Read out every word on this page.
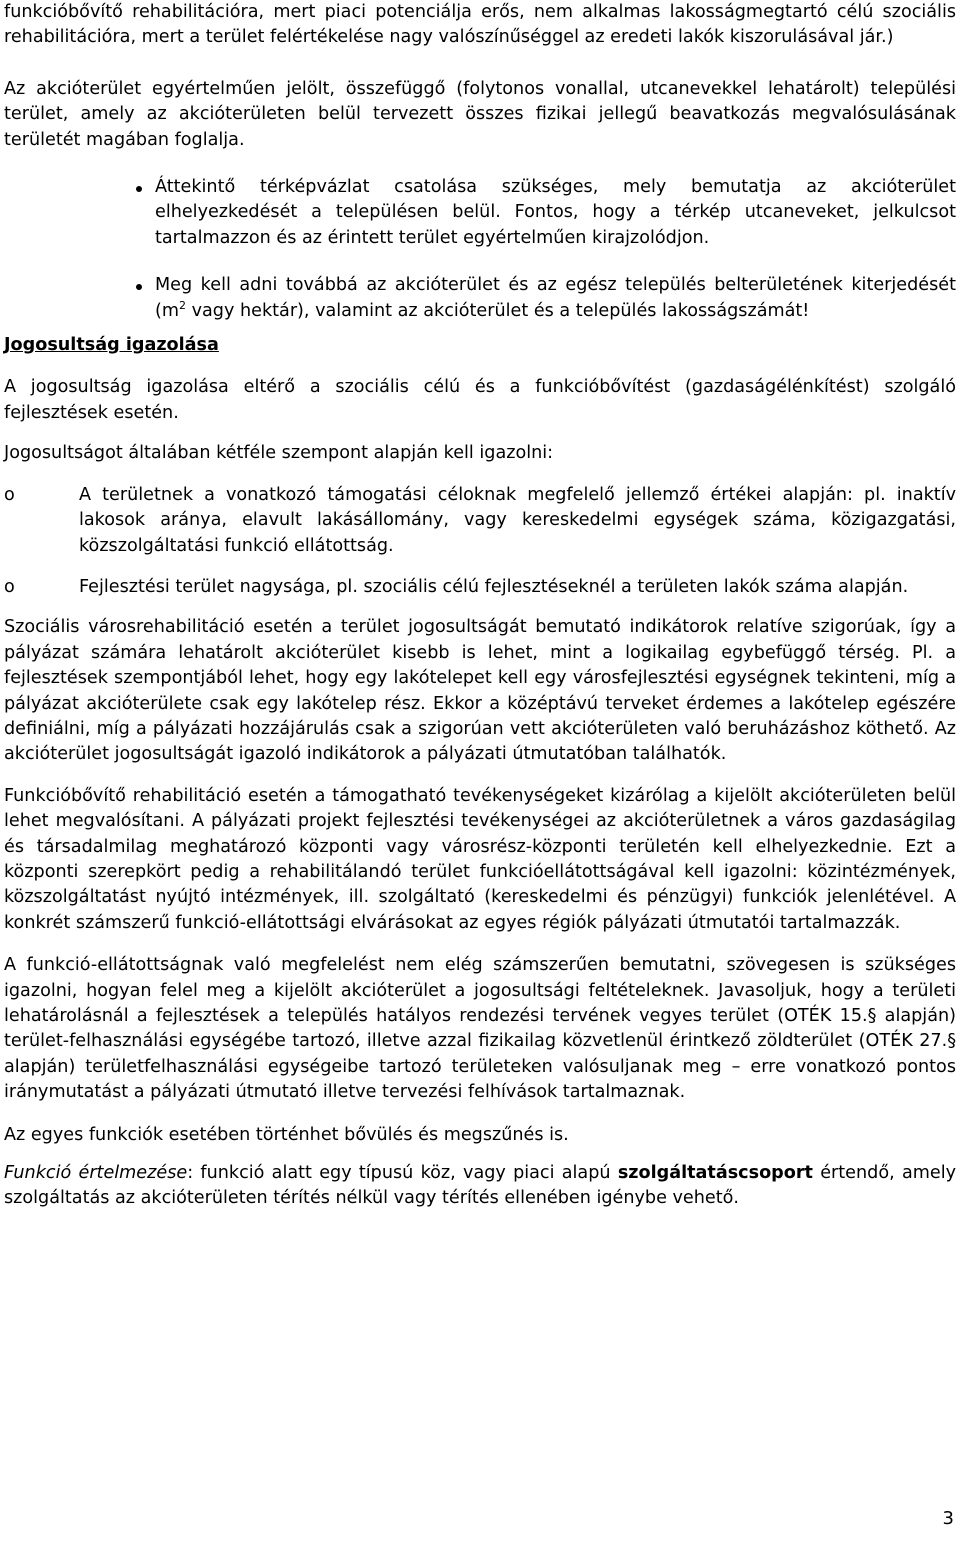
funkcióbővítő rehabilitációra, mert piaci potenciálja erős, nem alkalmas lakosságmegtartó célú szociális rehabilitációra, mert a terület felértékelése nagy valószínűséggel az eredeti lakók kiszorulásával jár.)

Az akcióterület egyértelműen jelölt, összefüggő (folytonos vonallal, utcanevekkel lehatárolt) települési terület, amely az akcióterületen belül tervezett összes fizikai jellegű beavatkozás megvalósulásának területét magában foglalja.

Áttekintő térképvázlat csatolása szükséges, mely bemutatja az akcióterület elhelyezkedését a településen belül. Fontos, hogy a térkép utcaneveket, jelkulcsot tartalmazzon és az érintett terület egyértelműen kirajzolódjon.
Meg kell adni továbbá az akcióterület és az egész település belterületének kiterjedését ($m^2$ vagy hektár), valamint az akcióterület és a település lakosságszámát!

Jogosultság igazolása

A jogosultság igazolása eltérő a szociális célú és a funkcióbővítést (gazdaságélénkítést) szolgáló fejlesztések esetén.

Jogosultságot általában kétféle szempont alapján kell igazolni:

o	A területnek a vonatkozó támogatási céloknak megfelelő jellemző értékei alapján: pl. inaktív lakosok aránya, elavult lakásállomány, vagy kereskedelmi egységek száma, közigazgatási, közszolgáltatási funkció ellátottság.
o	Fejlesztési terület nagysága, pl. szociális célú fejlesztéseknél a területen lakók száma alapján.

Szociális városrehabilitáció esetén a terület jogosultságát bemutató indikátorok relatíve szigorúak, így a pályázat számára lehatárolt akcióterület kisebb is lehet, mint a logikailag egybefüggő térség. Pl. a fejlesztések szempontjából lehet, hogy egy lakótelepet kell egy városfejlesztési egységnek tekinteni, míg a pályázat akcióterülete csak egy lakótelep rész. Ekkor a középtávú terveket érdemes a lakótelep egészére definiálni, míg a pályázati hozzájárulás csak a szigorúan vett akcióterületen való beruházáshoz köthető. Az akcióterület jogosultságát igazoló indikátorok a pályázati útmutatóban találhatók.

Funkcióbővítő rehabilitáció esetén a támogatható tevékenységeket kizárólag a kijelölt akcióterületen belül lehet megvalósítani. A pályázati projekt fejlesztési tevékenységei az akcióterületnek a város gazdaságilag és társadalmilag meghatározó központi vagy városrész-központi területén kell elhelyezkednie. Ezt a központi szerepkört pedig a rehabilitálandó terület funkcióellátottságával kell igazolni: közintézmények, közszolgáltatást nyújtó intézmények, ill. szolgáltató (kereskedelmi és pénzügyi) funkciók jelenlétével. A konkrét számszerű funkció-ellátottsági elvárásokat az egyes régiók pályázati útmutatói tartalmazzák.

A funkció-ellátottságnak való megfelelést nem elég számszerűen bemutatni, szövegesen is szükséges igazolni, hogyan felel meg a kijelölt akcióterület a jogosultsági feltételeknek. Javasoljuk, hogy a területi lehatárolásnál a fejlesztések a település hatályos rendezési tervének vegyes terület (OTÉK 15.§ alapján) terület-felhasználási egységébe tartozó, illetve azzal fizikailag közvetlenül érintkező zöldterület (OTÉK 27.§ alapján) területfelhasználási egységeibe tartozó területeken valósuljanak meg – erre vonatkozó pontos iránymutatást a pályázati útmutató illetve tervezési felhívások tartalmaznak.

Az egyes funkciók esetében történhet bővülés és megszűnés is.

Funkció értelmezése: funkció alatt egy típusú köz, vagy piaci alapú szolgáltatáscsoport értendő, amely szolgáltatás az akcióterületen térítés nélkül vagy térítés ellenében igénybe vehető.

3
